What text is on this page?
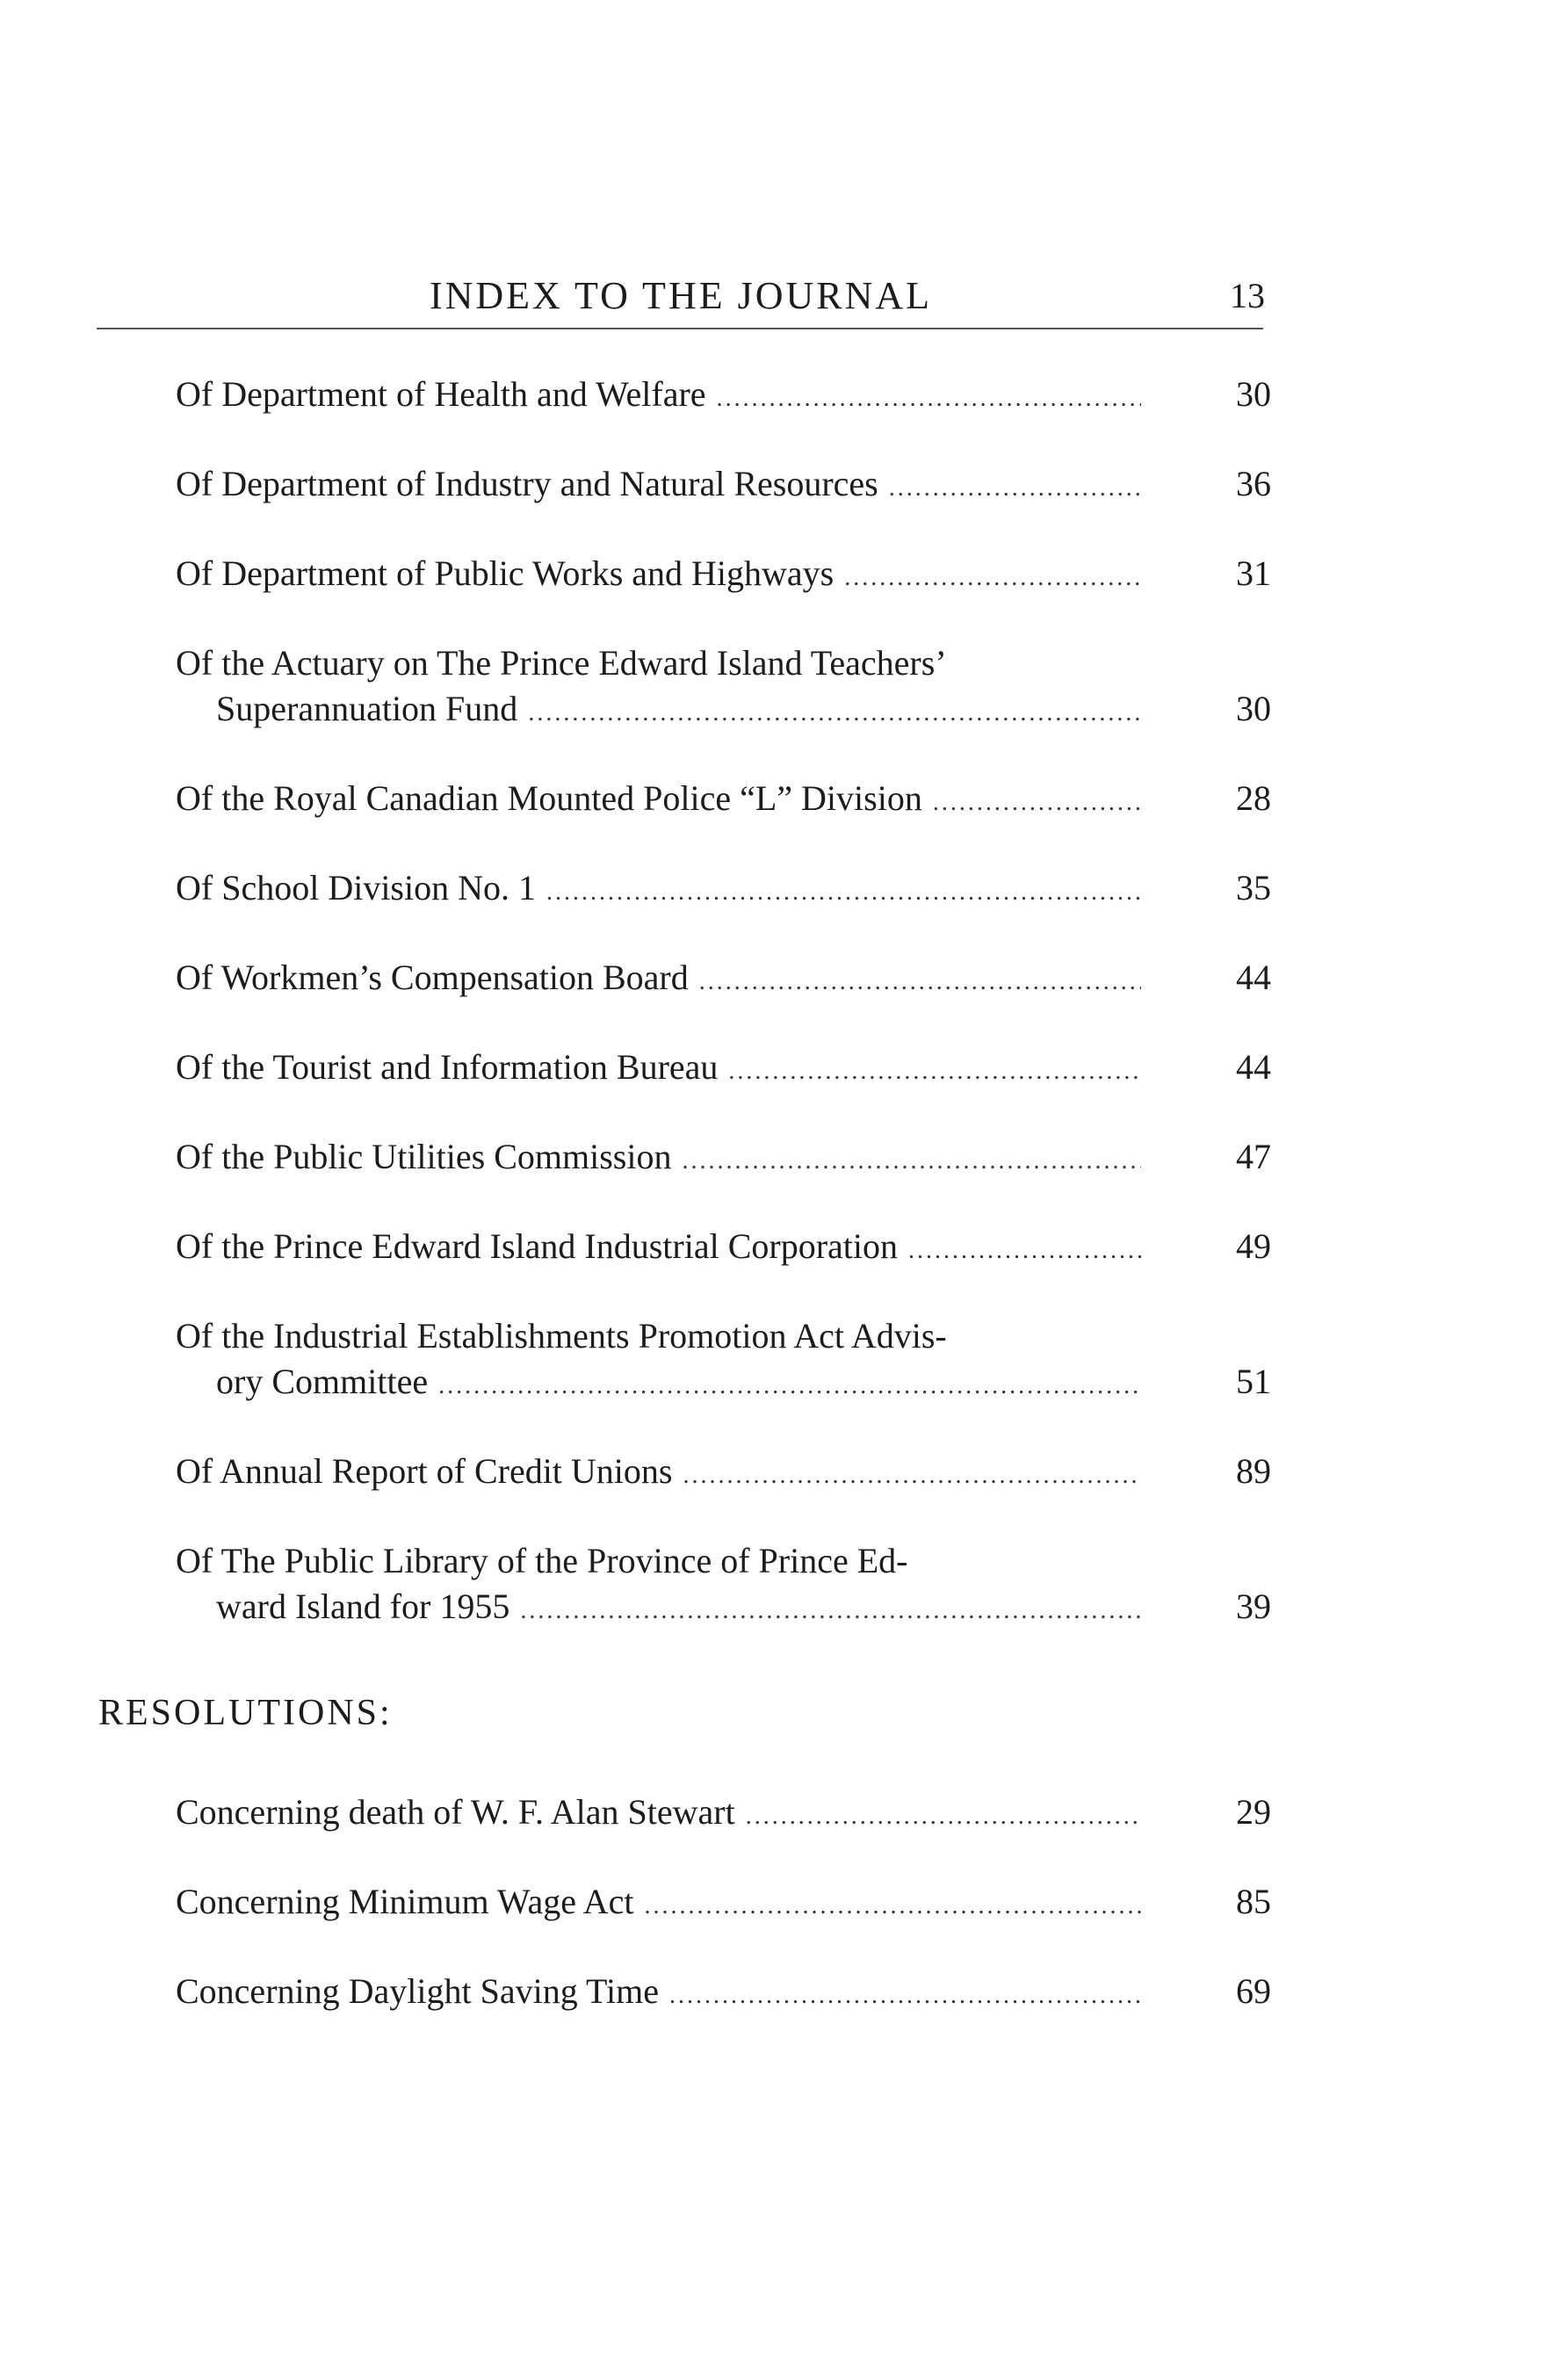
INDEX TO THE JOURNAL	13
Of Department of Health and Welfare .....	30
Of Department of Industry and Natural Resources .....	36
Of Department of Public Works and Highways .....	31
Of the Actuary on The Prince Edward Island Teachers’
Superannuation Fund .....	30
Of the Royal Canadian Mounted Police “L” Division .....	28
Of School Division No. 1 .....	35
Of Workmen’s Compensation Board .....	44
Of the Tourist and Information Bureau .....	44
Of the Public Utilities Commission .....	47
Of the Prince Edward Island Industrial Corporation .....	49
Of the Industrial Establishments Promotion Act Advis-
ory Committee .....	51
Of Annual Report of Credit Unions .....	89
Of The Public Library of the Province of Prince Ed-
ward Island for 1955 .....	39
RESOLUTIONS:
Concerning death of W. F. Alan Stewart .....	29
Concerning Minimum Wage Act .....	85
Concerning Daylight Saving Time .....	69
